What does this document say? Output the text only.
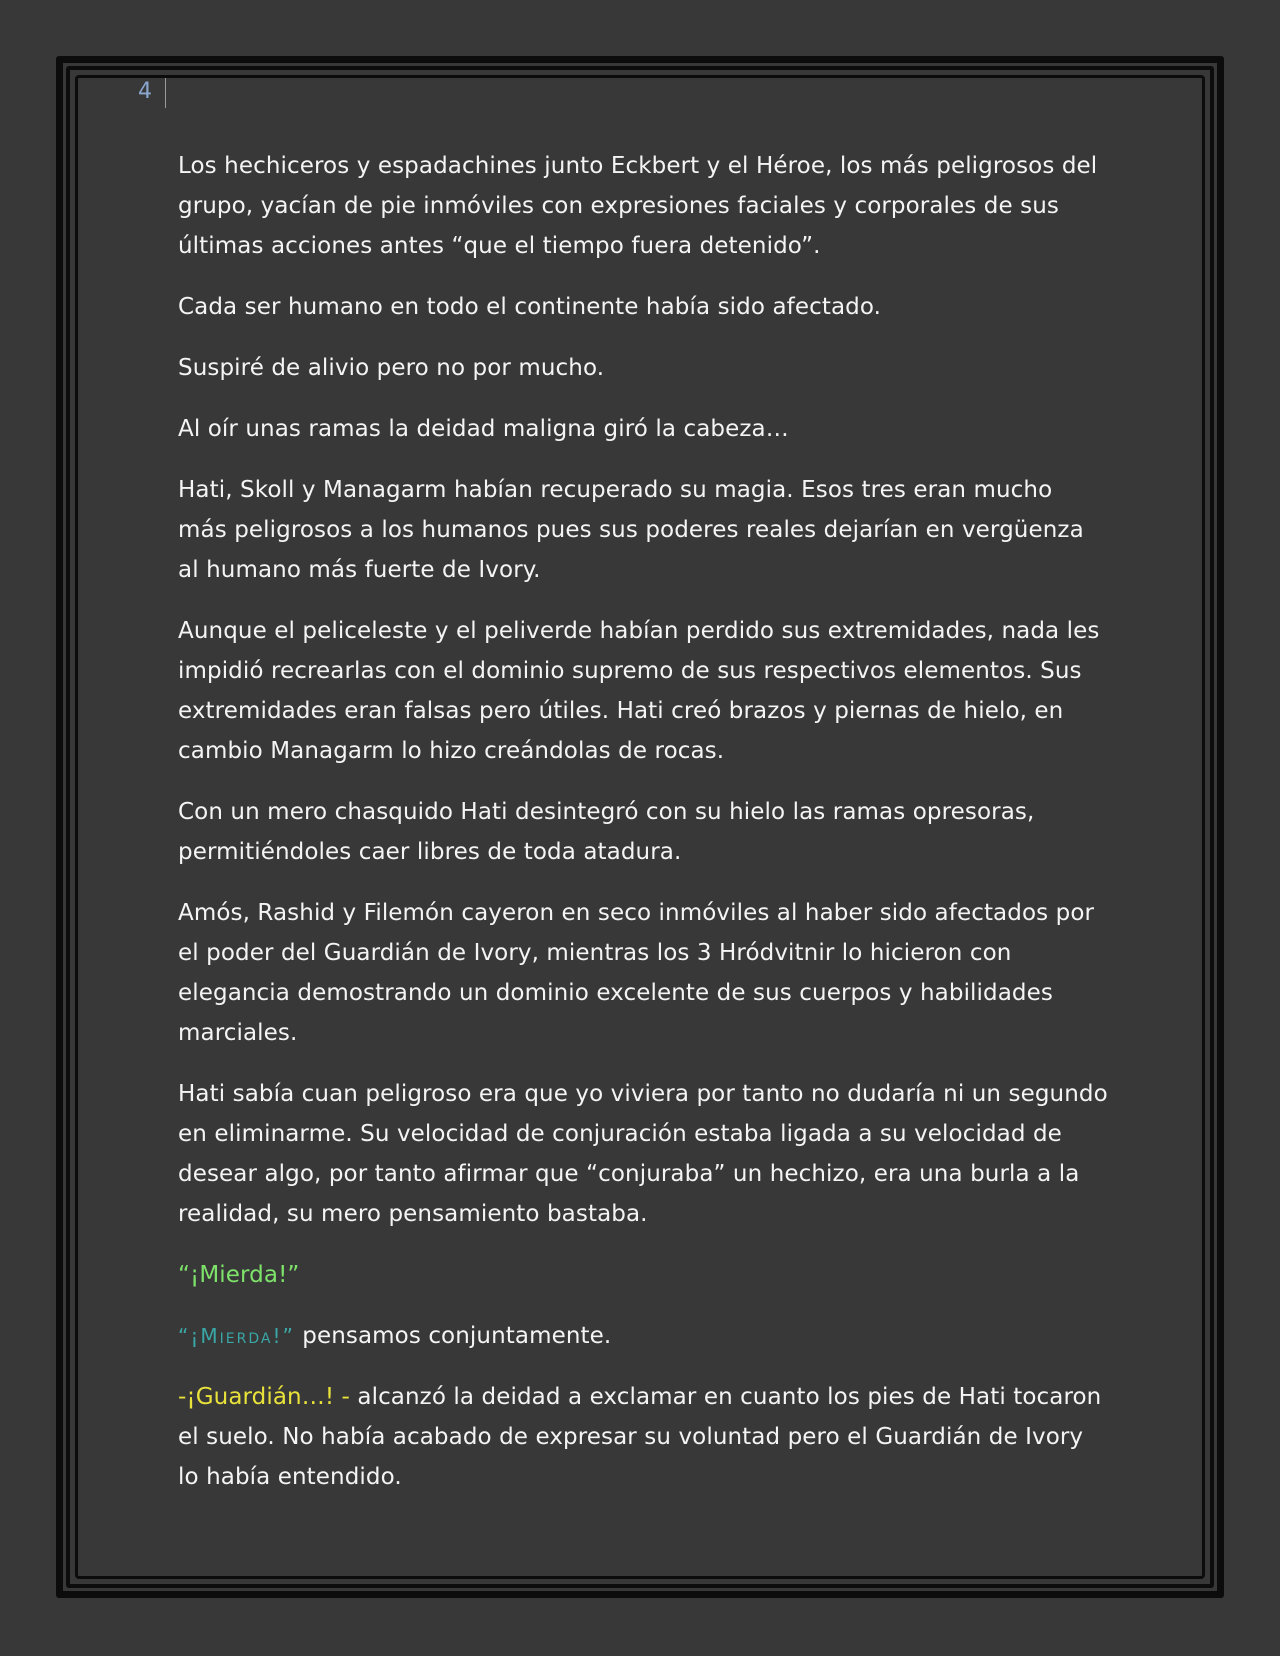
4

Los hechiceros y espadachines junto Eckbert y el Héroe, los más peligrosos del grupo, yacían de pie inmóviles con expresiones faciales y corporales de sus últimas acciones antes “que el tiempo fuera detenido”.

Cada ser humano en todo el continente había sido afectado.

Suspiré de alivio pero no por mucho.

Al oír unas ramas la deidad maligna giró la cabeza…

Hati, Skoll y Managarm habían recuperado su magia. Esos tres eran mucho más peligrosos a los humanos pues sus poderes reales dejarían en vergüenza al humano más fuerte de Ivory.

Aunque el peliceleste y el peliverde habían perdido sus extremidades, nada les impidió recrearlas con el dominio supremo de sus respectivos elementos. Sus extremidades eran falsas pero útiles. Hati creó brazos y piernas de hielo, en cambio Managarm lo hizo creándolas de rocas.

Con un mero chasquido Hati desintegró con su hielo las ramas opresoras, permitiéndoles caer libres de toda atadura.

Amós, Rashid y Filemón cayeron en seco inmóviles al haber sido afectados por el poder del Guardián de Ivory, mientras los 3 Hródvitnir lo hicieron con elegancia demostrando un dominio excelente de sus cuerpos y habilidades marciales.

Hati sabía cuan peligroso era que yo viviera por tanto no dudaría ni un segundo en eliminarme. Su velocidad de conjuración estaba ligada a su velocidad de desear algo, por tanto afirmar que “conjuraba” un hechizo, era una burla a la realidad, su mero pensamiento bastaba.

“¡Mierda!”

“¡Mierda!” pensamos conjuntamente.

-¡Guardián…! - alcanzó la deidad a exclamar en cuanto los pies de Hati tocaron el suelo. No había acabado de expresar su voluntad pero el Guardián de Ivory lo había entendido.
